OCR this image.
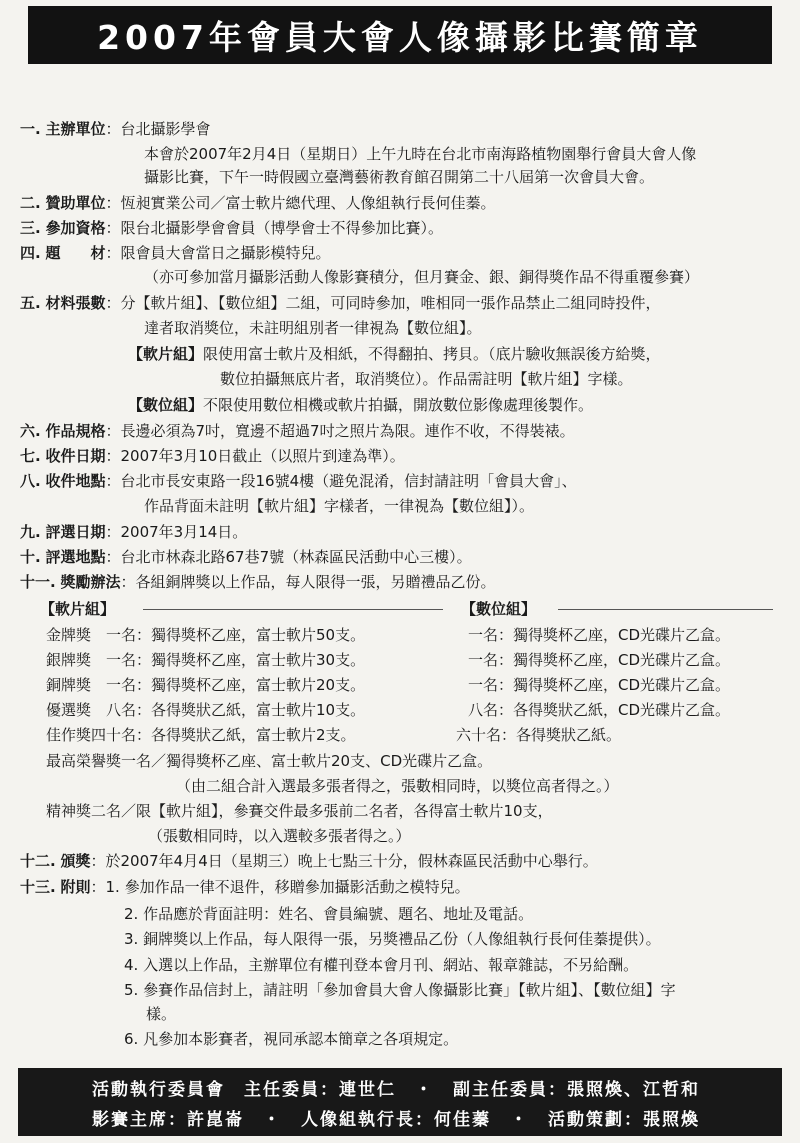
2007年會員大會人像攝影比賽簡章
一. 主辦單位：台北攝影學會
本會於2007年2月4日（星期日）上午九時在台北市南海路植物園舉行會員大會人像
攝影比賽，下午一時假國立臺灣藝術教育館召開第二十八屆第一次會員大會。
二. 贊助單位：恆昶實業公司／富士軟片總代理、人像組執行長何佳蓁。
三. 參加資格：限台北攝影學會會員（博學會士不得參加比賽）。
四. 題　　材：限會員大會當日之攝影模特兒。
（亦可參加當月攝影活動人像影賽積分，但月賽金、銀、銅得獎作品不得重覆參賽）
五. 材料張數：分【軟片組】、【數位組】二組，可同時參加，唯相同一張作品禁止二組同時投件，
達者取消獎位，未註明組別者一律視為【數位組】。
【軟片組】限使用富士軟片及相紙，不得翻拍、拷貝。（底片驗收無誤後方給獎，
數位拍攝無底片者，取消獎位）。作品需註明【軟片組】字樣。
【數位組】不限使用數位相機或軟片拍攝，開放數位影像處理後製作。
六. 作品規格：長邊必須為7吋，寬邊不超過7吋之照片為限。連作不收，不得裝裱。
七. 收件日期：2007年3月10日截止（以照片到達為準）。
八. 收件地點：台北市長安東路一段16號4樓（避免混淆，信封請註明「會員大會」、
作品背面未註明【軟片組】字樣者，一律視為【數位組】）。
九. 評選日期：2007年3月14日。
十. 評選地點：台北市林森北路67巷7號（林森區民活動中心三樓）。
十一. 獎勵辦法：各組銅牌獎以上作品，每人限得一張，另贈禮品乙份。
【軟片組】	【數位組】
金牌獎　一名：獨得獎杯乙座，富士軟片50支。	一名：獨得獎杯乙座，CD光碟片乙盒。
銀牌獎　一名：獨得獎杯乙座，富士軟片30支。	一名：獨得獎杯乙座，CD光碟片乙盒。
銅牌獎　一名：獨得獎杯乙座，富士軟片20支。	一名：獨得獎杯乙座，CD光碟片乙盒。
優選獎　八名：各得獎狀乙紙，富士軟片10支。	八名：各得獎狀乙紙，CD光碟片乙盒。
佳作獎四十名：各得獎狀乙紙，富士軟片2支。	六十名：各得獎狀乙紙。
最高榮譽獎一名／獨得獎杯乙座、富士軟片20支、CD光碟片乙盒。
（由二組合計入選最多張者得之，張數相同時，以獎位高者得之。）
精神獎二名／限【軟片組】，參賽交件最多張前二名者，各得富士軟片10支，
（張數相同時，以入選較多張者得之。）
十二. 頒獎：於2007年4月4日（星期三）晚上七點三十分，假林森區民活動中心舉行。
十三. 附則：1. 參加作品一律不退件，移贈參加攝影活動之模特兒。
2. 作品應於背面註明：姓名、會員編號、題名、地址及電話。
3. 銅牌獎以上作品，每人限得一張，另獎禮品乙份（人像組執行長何佳蓁提供）。
4. 入選以上作品，主辦單位有權刊登本會月刊、網站、報章雜誌，不另給酬。
5. 參賽作品信封上，請註明「參加會員大會人像攝影比賽」【軟片組】、【數位組】字
樣。
6. 凡參加本影賽者，視同承認本簡章之各項規定。
活動執行委員會　主任委員：連世仁　・　副主任委員：張照煥、江哲和
影賽主席：許崑崙　・　人像組執行長：何佳蓁　・　活動策劃：張照煥
